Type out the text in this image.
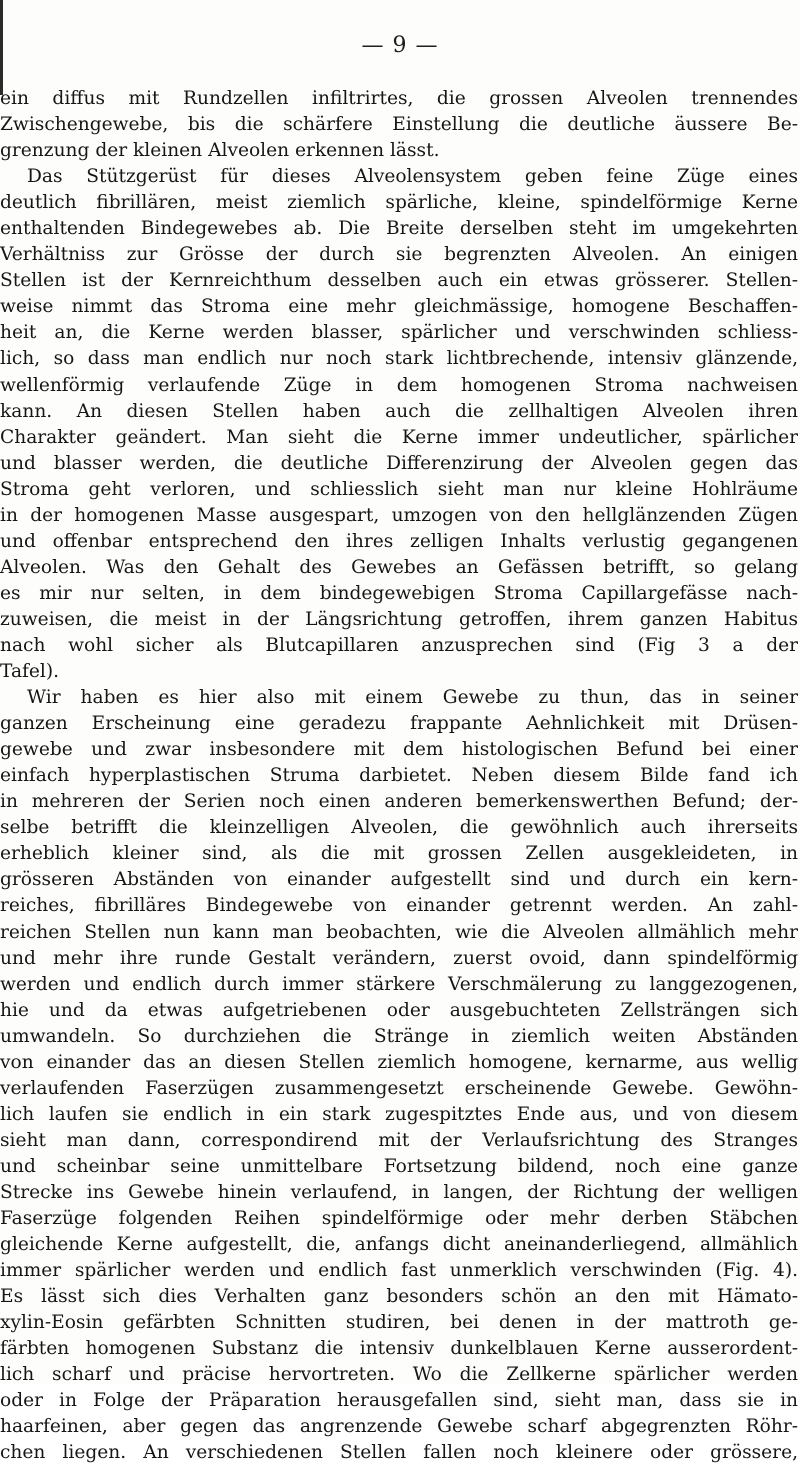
— 9 —
ein diffus mit Rundzellen infiltrirtes, die grossen Alveolen trennendes
Zwischengewebe, bis die schärfere Einstellung die deutliche äussere Be-
grenzung der kleinen Alveolen erkennen lässt.
Das Stützgerüst für dieses Alveolensystem geben feine Züge eines
deutlich fibrillären, meist ziemlich spärliche, kleine, spindelförmige Kerne
enthaltenden Bindegewebes ab. Die Breite derselben steht im umgekehrten
Verhältniss zur Grösse der durch sie begrenzten Alveolen. An einigen
Stellen ist der Kernreichthum desselben auch ein etwas grösserer. Stellen-
weise nimmt das Stroma eine mehr gleichmässige, homogene Beschaffen-
heit an, die Kerne werden blasser, spärlicher und verschwinden schliess-
lich, so dass man endlich nur noch stark lichtbrechende, intensiv glänzende,
wellenförmig verlaufende Züge in dem homogenen Stroma nachweisen
kann. An diesen Stellen haben auch die zellhaltigen Alveolen ihren
Charakter geändert. Man sieht die Kerne immer undeutlicher, spärlicher
und blasser werden, die deutliche Differenzirung der Alveolen gegen das
Stroma geht verloren, und schliesslich sieht man nur kleine Hohlräume
in der homogenen Masse ausgespart, umzogen von den hellglänzenden Zügen
und offenbar entsprechend den ihres zelligen Inhalts verlustig gegangenen
Alveolen. Was den Gehalt des Gewebes an Gefässen betrifft, so gelang
es mir nur selten, in dem bindegewebigen Stroma Capillargefässe nach-
zuweisen, die meist in der Längsrichtung getroffen, ihrem ganzen Habitus
nach wohl sicher als Blutcapillaren anzusprechen sind (Fig 3 a der
Tafel).
Wir haben es hier also mit einem Gewebe zu thun, das in seiner
ganzen Erscheinung eine geradezu frappante Aehnlichkeit mit Drüsen-
gewebe und zwar insbesondere mit dem histologischen Befund bei einer
einfach hyperplastischen Struma darbietet. Neben diesem Bilde fand ich
in mehreren der Serien noch einen anderen bemerkenswerthen Befund; der-
selbe betrifft die kleinzelligen Alveolen, die gewöhnlich auch ihrerseits
erheblich kleiner sind, als die mit grossen Zellen ausgekleideten, in
grösseren Abständen von einander aufgestellt sind und durch ein kern-
reiches, fibrilläres Bindegewebe von einander getrennt werden. An zahl-
reichen Stellen nun kann man beobachten, wie die Alveolen allmählich mehr
und mehr ihre runde Gestalt verändern, zuerst ovoid, dann spindelförmig
werden und endlich durch immer stärkere Verschmälerung zu langgezogenen,
hie und da etwas aufgetriebenen oder ausgebuchteten Zellsträngen sich
umwandeln. So durchziehen die Stränge in ziemlich weiten Abständen
von einander das an diesen Stellen ziemlich homogene, kernarme, aus wellig
verlaufenden Faserzügen zusammengesetzt erscheinende Gewebe. Gewöhn-
lich laufen sie endlich in ein stark zugespitztes Ende aus, und von diesem
sieht man dann, correspondirend mit der Verlaufsrichtung des Stranges
und scheinbar seine unmittelbare Fortsetzung bildend, noch eine ganze
Strecke ins Gewebe hinein verlaufend, in langen, der Richtung der welligen
Faserzüge folgenden Reihen spindelförmige oder mehr derben Stäbchen
gleichende Kerne aufgestellt, die, anfangs dicht aneinanderliegend, allmählich
immer spärlicher werden und endlich fast unmerklich verschwinden (Fig. 4).
Es lässt sich dies Verhalten ganz besonders schön an den mit Hämato-
xylin-Eosin gefärbten Schnitten studiren, bei denen in der mattroth ge-
färbten homogenen Substanz die intensiv dunkelblauen Kerne ausserordent-
lich scharf und präcise hervortreten. Wo die Zellkerne spärlicher werden
oder in Folge der Präparation herausgefallen sind, sieht man, dass sie in
haarfeinen, aber gegen das angrenzende Gewebe scharf abgegrenzten Röhr-
chen liegen. An verschiedenen Stellen fallen noch kleinere oder grössere,
